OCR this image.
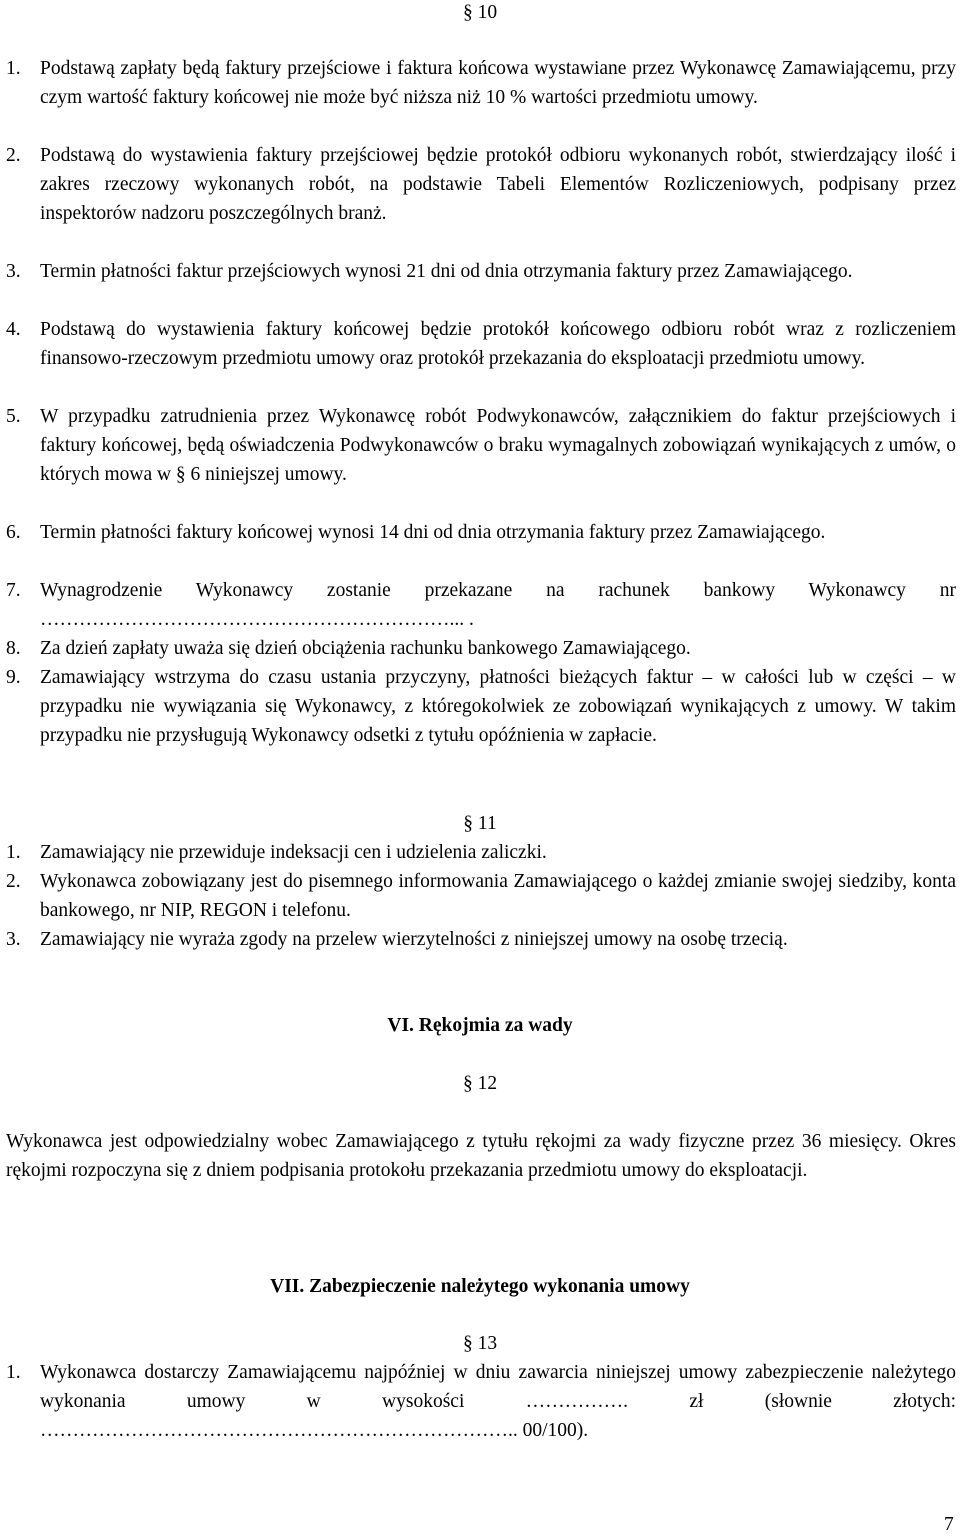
§ 10
1. Podstawą zapłaty będą faktury przejściowe i faktura końcowa wystawiane przez Wykonawcę Zamawiającemu, przy czym wartość faktury końcowej nie może być niższa niż 10 % wartości przedmiotu umowy.
2. Podstawą do wystawienia faktury przejściowej będzie protokół odbioru wykonanych robót, stwierdzający ilość i zakres rzeczowy wykonanych robót, na podstawie Tabeli Elementów Rozliczeniowych, podpisany przez inspektorów nadzoru poszczególnych branż.
3. Termin płatności faktur przejściowych wynosi 21 dni od dnia otrzymania faktury przez Zamawiającego.
4. Podstawą do wystawienia faktury końcowej będzie protokół końcowego odbioru robót wraz z rozliczeniem finansowo-rzeczowym przedmiotu umowy oraz protokół przekazania do eksploatacji przedmiotu umowy.
5. W przypadku zatrudnienia przez Wykonawcę robót Podwykonawców, załącznikiem do faktur przejściowych i faktury końcowej, będą oświadczenia Podwykonawców o braku wymagalnych zobowiązań wynikających z umów, o których mowa w § 6 niniejszej umowy.
6. Termin płatności faktury końcowej wynosi 14 dni od dnia otrzymania faktury przez Zamawiającego.
7. Wynagrodzenie Wykonawcy zostanie przekazane na rachunek bankowy Wykonawcy nr ………………………………………………………... .
8. Za dzień zapłaty uważa się dzień obciążenia rachunku bankowego Zamawiającego.
9. Zamawiający wstrzyma do czasu ustania przyczyny, płatności bieżących faktur – w całości lub w części – w przypadku nie wywiązania się Wykonawcy, z któregokolwiek ze zobowiązań wynikających z umowy. W takim przypadku nie przysługują Wykonawcy odsetki z tytułu opóźnienia w zapłacie.
§ 11
1. Zamawiający nie przewiduje indeksacji cen i udzielenia zaliczki.
2. Wykonawca zobowiązany jest do pisemnego informowania Zamawiającego o każdej zmianie swojej siedziby, konta bankowego, nr NIP, REGON i telefonu.
3. Zamawiający nie wyraża zgody na przelew wierzytelności z niniejszej umowy na osobę trzecią.
VI. Rękojmia za wady
§ 12
Wykonawca jest odpowiedzialny wobec Zamawiającego z tytułu rękojmi za wady fizyczne przez 36 miesięcy. Okres rękojmi rozpoczyna się z dniem podpisania protokołu przekazania przedmiotu umowy do eksploatacji.
VII. Zabezpieczenie należytego wykonania umowy
§ 13
1. Wykonawca dostarczy Zamawiającemu najpóźniej w dniu zawarcia niniejszej umowy zabezpieczenie należytego wykonania umowy w wysokości ……………. zł (słownie złotych: ……………………………………………………………….. 00/100).
7
